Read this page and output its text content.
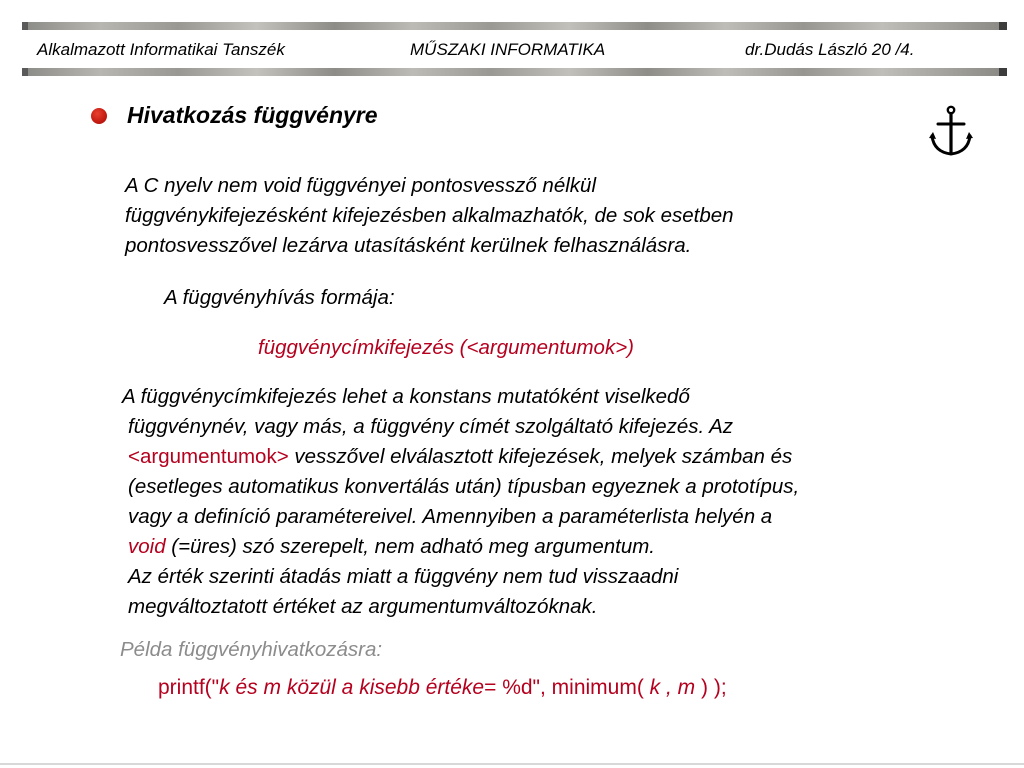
Alkalmazott Informatikai Tanszék	MŰSZAKI INFORMATIKA	dr.Dudás László 20 /4.
Hivatkozás függvényre
A C nyelv nem void függvényei pontosvessző nélkül
függvénykifejezésként kifejezésben alkalmazhatók, de sok esetben
pontosvesszővel lezárva utasításként kerülnek felhasználásra.
A függvényhívás formája:
függvénycímkifejezés (<argumentumok>)
A függvénycímkifejezés lehet a konstans mutatóként viselkedő
függvénynév, vagy más, a függvény címét szolgáltató kifejezés. Az
<argumentumok> vesszővel elválasztott kifejezések, melyek számban és
(esetleges automatikus konvertálás után) típusban egyeznek a prototípus,
vagy a definíció paramétereivel. Amennyiben a paraméterlista helyén a
void (=üres) szó szerepelt, nem adható meg argumentum.
Az érték szerinti átadás miatt a függvény nem tud visszaadni
megváltoztatott értéket az argumentumváltozóknak.
Példa függvényhivatkozásra:
printf("k és m közül a kisebb értéke= %d", minimum( k , m ) );
